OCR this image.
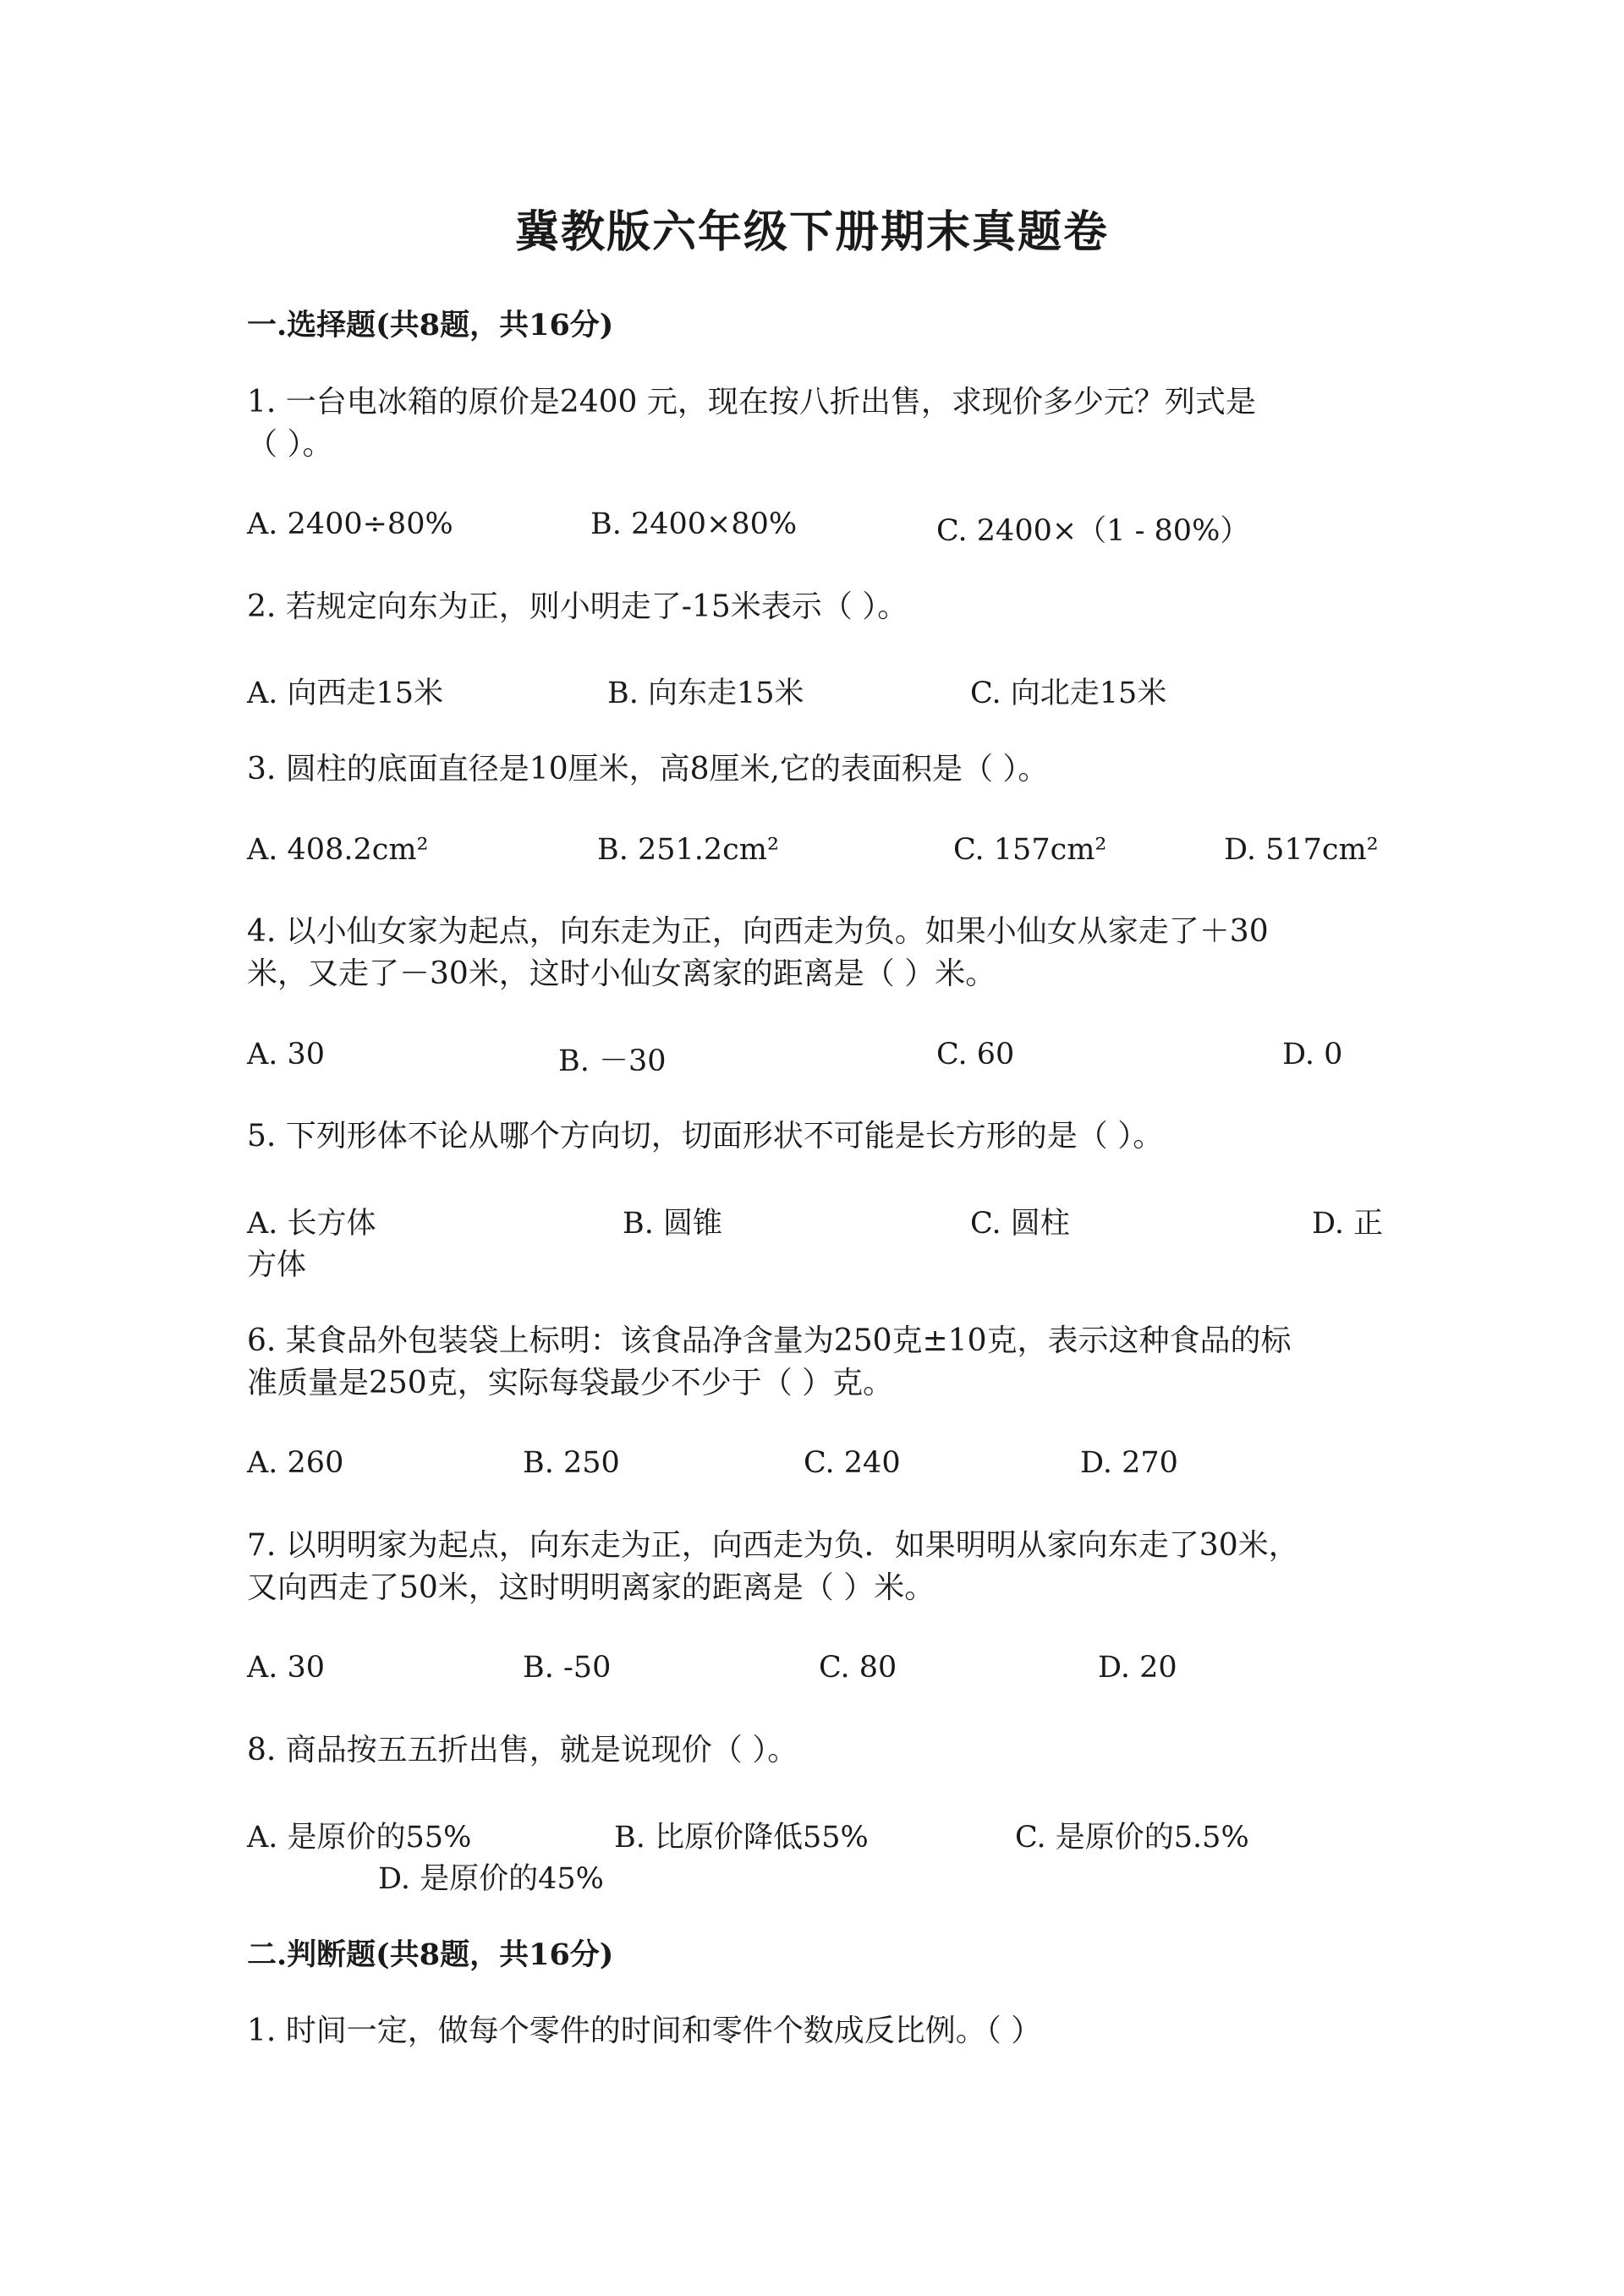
冀教版六年级下册期末真题卷
一.选择题(共8题，共16分)
1. 一台电冰箱的原价是2400 元，现在按八折出售，求现价多少元？列式是
（ ）。
A. 2400÷80%	B. 2400×80%	C. 2400×（1 - 80%）
2. 若规定向东为正，则小明走了-15米表示（ ）。
A. 向西走15米	B. 向东走15米	C. 向北走15米
3. 圆柱的底面直径是10厘米，高8厘米,它的表面积是（ ）。
A. 408.2cm²	B. 251.2cm²	C. 157cm²	D. 517cm²
4. 以小仙女家为起点，向东走为正，向西走为负。如果小仙女从家走了＋30
米，又走了－30米，这时小仙女离家的距离是（ ）米。
A. 30	B. －30	C. 60	D. 0
5. 下列形体不论从哪个方向切，切面形状不可能是长方形的是（ ）。
A. 长方体	B. 圆锥	C. 圆柱	D. 正
方体
6. 某食品外包装袋上标明：该食品净含量为250克±10克，表示这种食品的标
准质量是250克，实际每袋最少不少于（ ）克。
A. 260	B. 250	C. 240	D. 270
7. 以明明家为起点，向东走为正，向西走为负．如果明明从家向东走了30米，
又向西走了50米，这时明明离家的距离是（ ）米。
A. 30	B. -50	C. 80	D. 20
8. 商品按五五折出售，就是说现价（ ）。
A. 是原价的55%	B. 比原价降低55%	C. 是原价的5.5%
D. 是原价的45%
二.判断题(共8题，共16分)
1. 时间一定，做每个零件的时间和零件个数成反比例。（ ）
